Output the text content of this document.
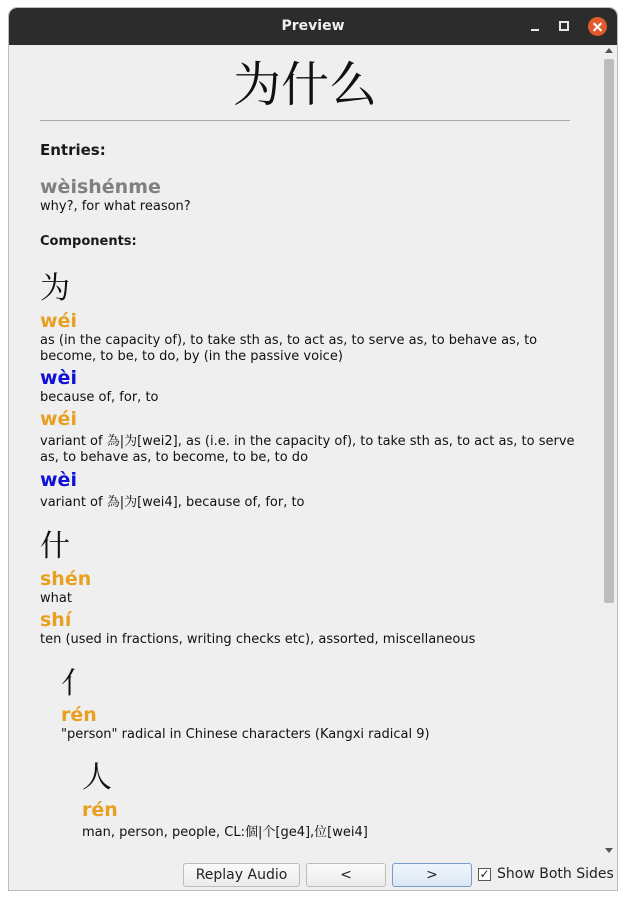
Preview
为什么
Entries:
wèishénme
why?, for what reason?
Components:
为
wéi
as (in the capacity of), to take sth as, to act as, to serve as, to behave as, to become, to be, to do, by (in the passive voice)
wèi
because of, for, to
wéi
variant of 為|为[wei2], as (i.e. in the capacity of), to take sth as, to act as, to serve as, to behave as, to become, to be, to do
wèi
variant of 為|为[wei4], because of, for, to
什
shén
what
shí
ten (used in fractions, writing checks etc), assorted, miscellaneous
亻
rén
"person" radical in Chinese characters (Kangxi radical 9)
人
rén
man, person, people, CL:個|个[ge4],位[wei4]
Replay Audio	<	>	✓ Show Both Sides
